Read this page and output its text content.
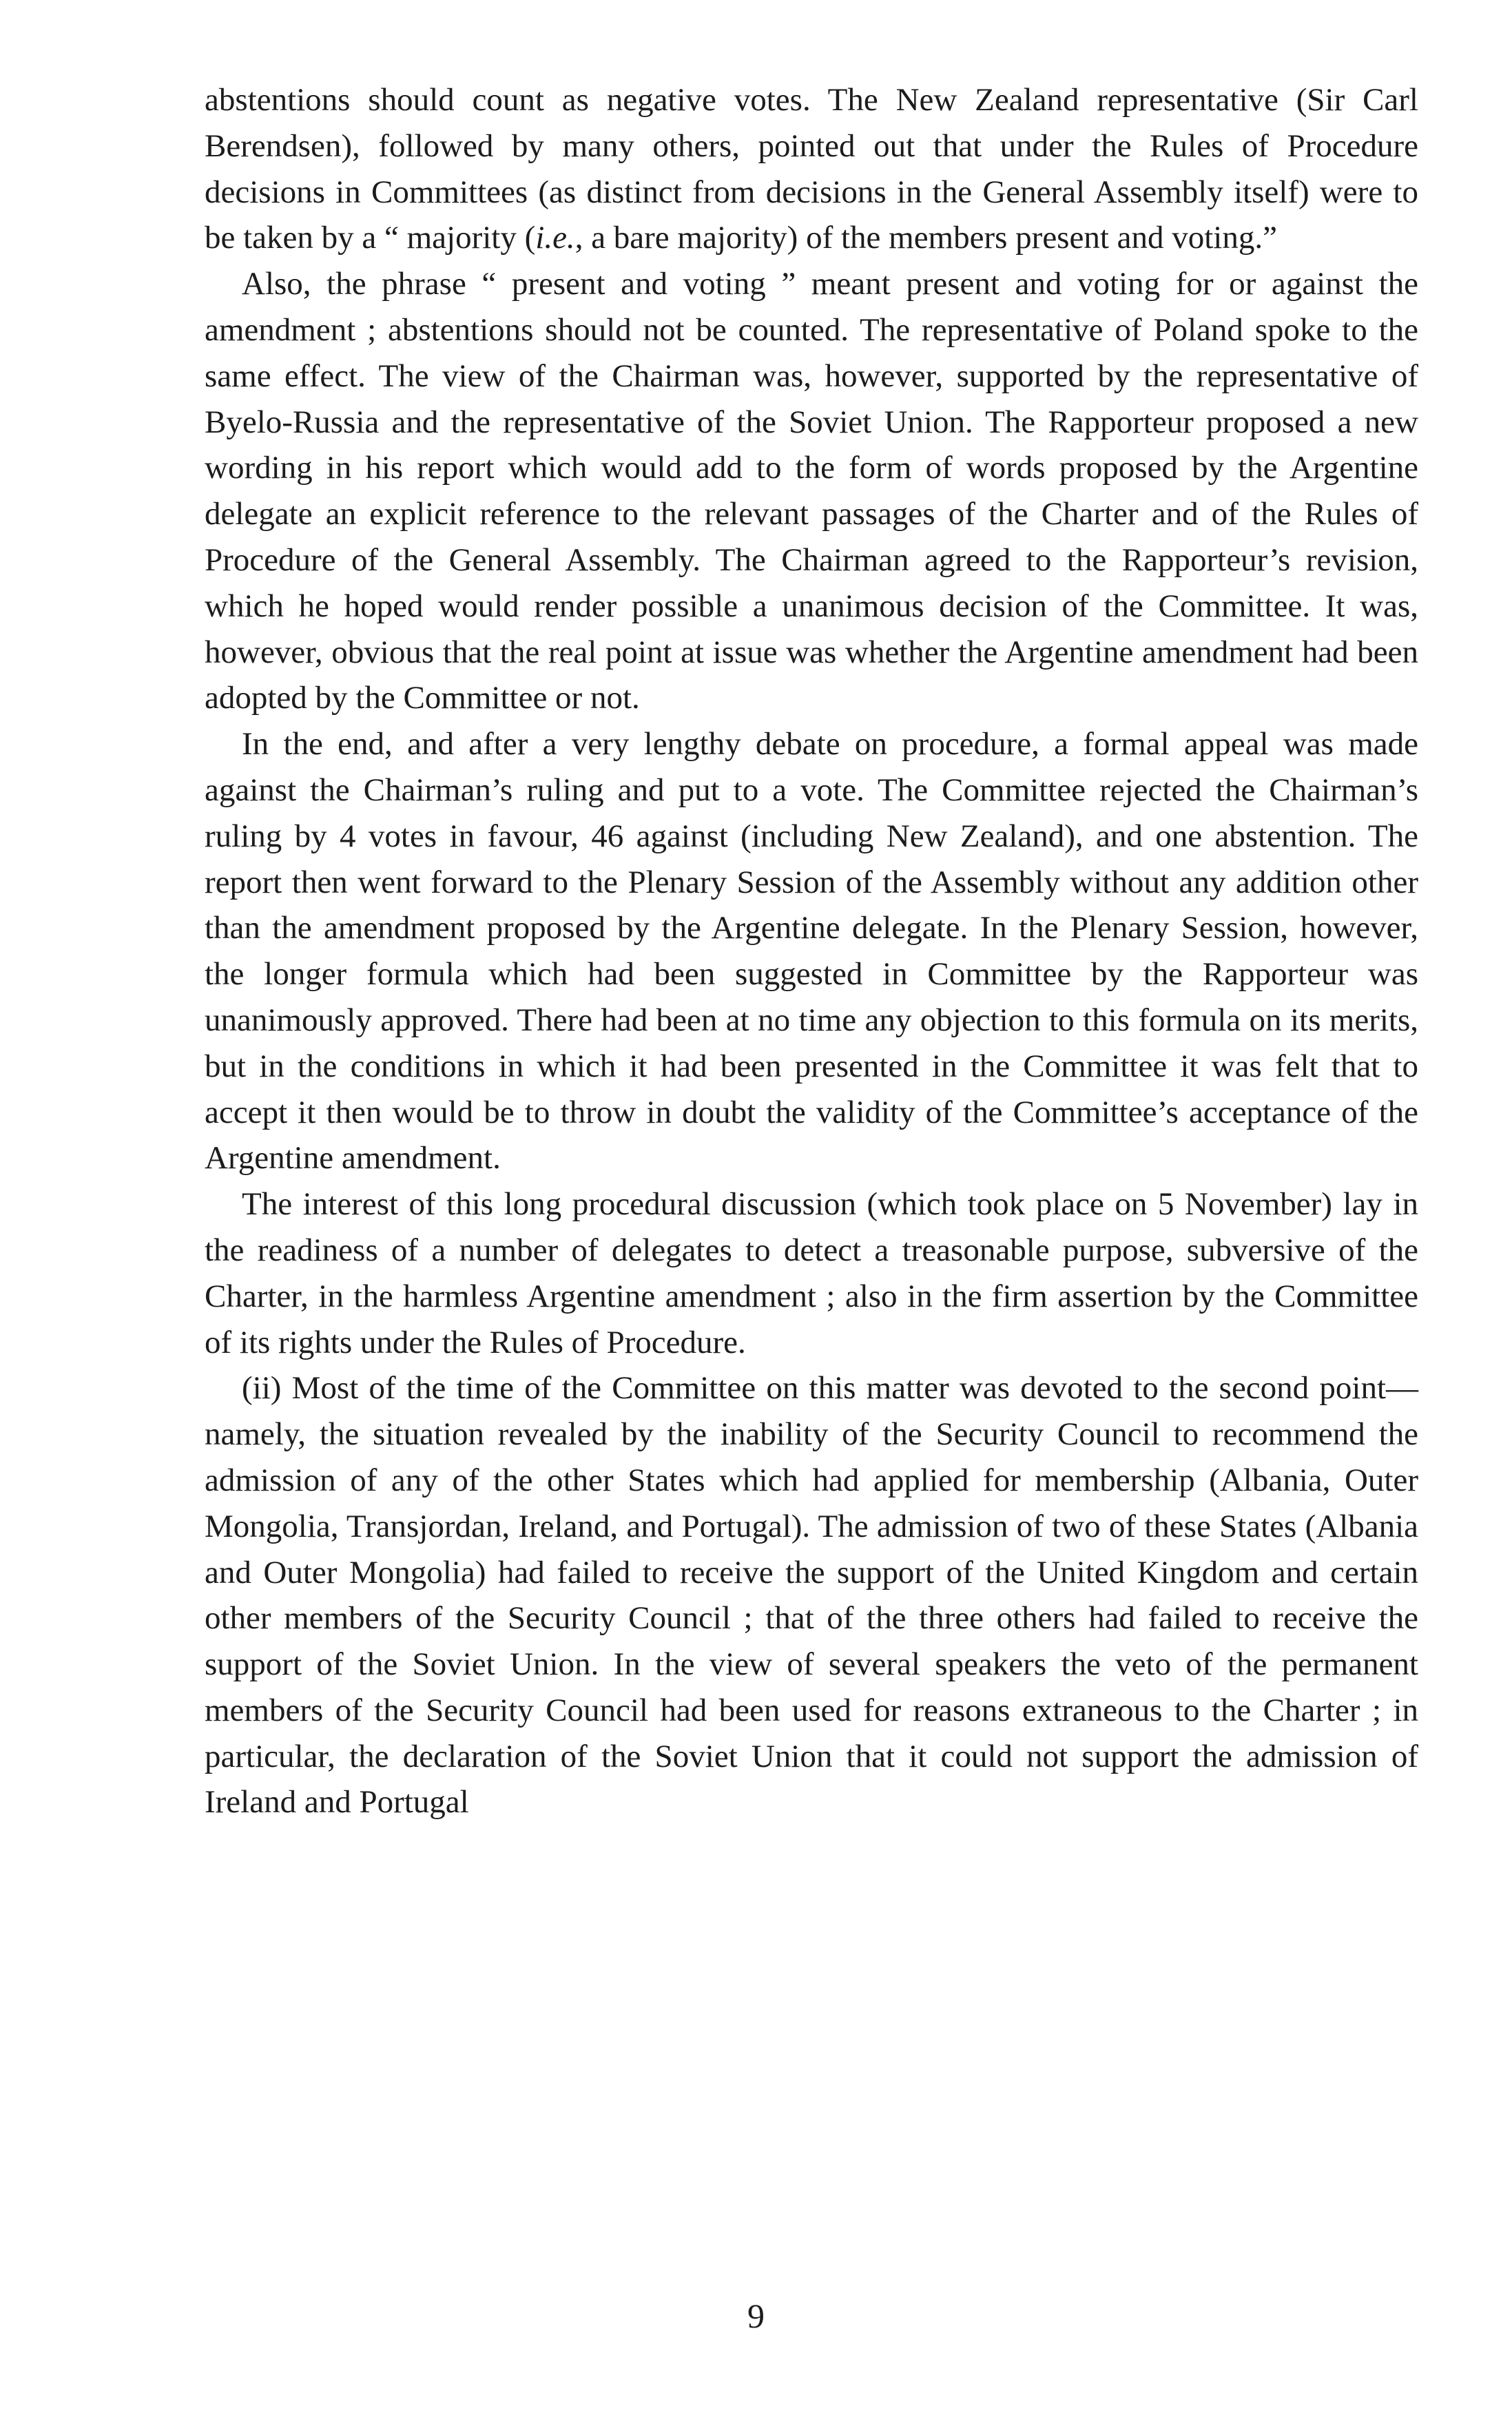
abstentions should count as negative votes. The New Zealand representative (Sir Carl Berendsen), followed by many others, pointed out that under the Rules of Procedure decisions in Committees (as distinct from decisions in the General Assembly itself) were to be taken by a “ majority (i.e., a bare majority) of the members present and voting.”

Also, the phrase “ present and voting ” meant present and voting for or against the amendment ; abstentions should not be counted. The representative of Poland spoke to the same effect. The view of the Chairman was, however, supported by the representative of Byelo-Russia and the representative of the Soviet Union. The Rapporteur proposed a new wording in his report which would add to the form of words proposed by the Argentine delegate an explicit reference to the relevant passages of the Charter and of the Rules of Procedure of the General Assembly. The Chairman agreed to the Rapporteur’s revision, which he hoped would render possible a unanimous decision of the Committee. It was, however, obvious that the real point at issue was whether the Argentine amendment had been adopted by the Committee or not.

In the end, and after a very lengthy debate on procedure, a formal appeal was made against the Chairman’s ruling and put to a vote. The Committee rejected the Chairman’s ruling by 4 votes in favour, 46 against (including New Zealand), and one abstention. The report then went forward to the Plenary Session of the Assembly without any addition other than the amendment proposed by the Argentine delegate. In the Plenary Session, however, the longer formula which had been suggested in Committee by the Rapporteur was unanimously approved. There had been at no time any objection to this formula on its merits, but in the conditions in which it had been presented in the Committee it was felt that to accept it then would be to throw in doubt the validity of the Committee’s acceptance of the Argentine amendment.

The interest of this long procedural discussion (which took place on 5 November) lay in the readiness of a number of delegates to detect a treasonable purpose, subversive of the Charter, in the harmless Argentine amendment ; also in the firm assertion by the Committee of its rights under the Rules of Procedure.

(ii) Most of the time of the Committee on this matter was devoted to the second point—namely, the situation revealed by the inability of the Security Council to recommend the admission of any of the other States which had applied for membership (Albania, Outer Mongolia, Transjordan, Ireland, and Portugal). The admission of two of these States (Albania and Outer Mongolia) had failed to receive the support of the United Kingdom and certain other members of the Security Council ; that of the three others had failed to receive the support of the Soviet Union. In the view of several speakers the veto of the permanent members of the Security Council had been used for reasons extraneous to the Charter ; in particular, the declaration of the Soviet Union that it could not support the admission of Ireland and Portugal

9
